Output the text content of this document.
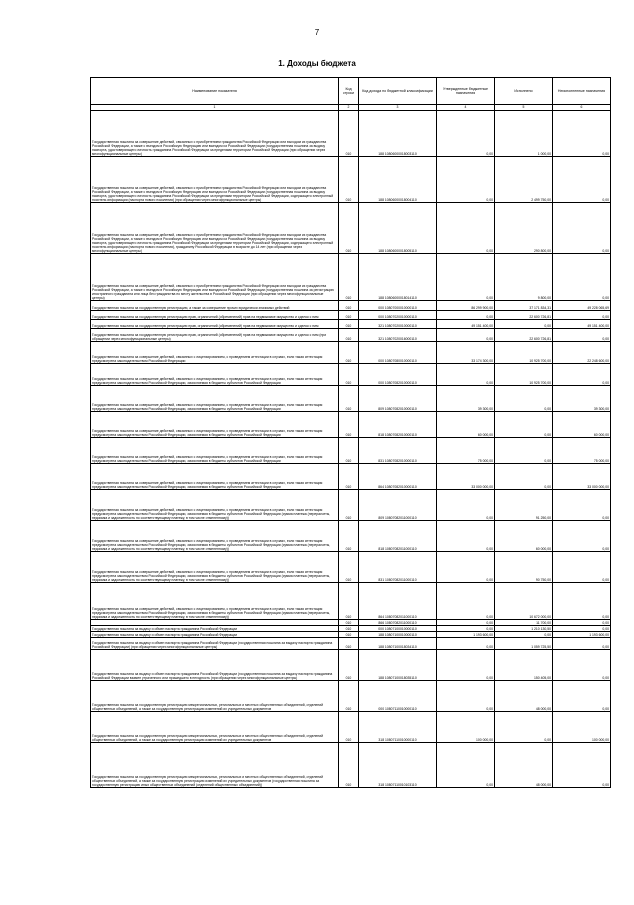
7
1. Доходы бюджета
Наименование показателя	Код строки	Код дохода по бюджетной классификации	Утвержденные бюджетные назначения	Исполнено	Неисполненные назначения
1	2	3	4	5	6
Государственная пошлина за совершение действий, связанных с приобретением гражданства Российской Федерации или выходом из гражданства Российской Федерации, а также с въездом в Российскую Федерацию или выездом из Российской Федерации (государственная пошлина за выдачу паспорта, удостоверяющего личность гражданина Российской Федерации за пределами территории Российской Федерации (при обращении через многофункциональные центры)	010	188 10806000018003110	0,00	1 000,00	0,00
Государственная пошлина за совершение действий, связанных с приобретением гражданства Российской Федерации или выходом из гражданства Российской Федерации, а также с въездом в Российскую Федерацию или выездом из Российской Федерации (государственная пошлина за выдачу паспорта, удостоверяющего личность гражданина Российской Федерации за пределами территории Российской Федерации, содержащего электронный носитель информации (паспорта нового поколения) (при обращении через многофункциональные центры)	010	188 10806000018004110	0,00	2 499 750,00	0,00
Государственная пошлина за совершение действий, связанных с приобретением гражданства Российской Федерации или выходом из гражданства Российской Федерации, а также с въездом в Российскую Федерацию или выездом из Российской Федерации (государственная пошлина за выдачу паспорта, удостоверяющего личность гражданина Российской Федерации за пределами территории Российской Федерации, содержащего электронный носитель информации (паспорта нового поколения), гражданину Российской Федерации в возрасте до 14 лет (при обращении через многофункциональные центры)	010	188 10806000018005110	0,00	290 800,00	0,00
Государственная пошлина за совершение действий, связанных с приобретением гражданства Российской Федерации или выходом из гражданства Российской Федерации, а также с въездом в Российскую Федерацию или выездом из Российской Федерации (государственная пошлина за регистрацию иностранного гражданина или лица без гражданства по месту жительства в Российской Федерации (при обращении через многофункциональные центры)	010	188 10806000018014110	0,00	9 800,00	0,00
Государственная пошлина за государственную регистрацию, а также за совершение прочих юридически значимых действий	010	000 10807000010000110	86 299 900,00	37 171 834,31	49 228 065,69
Государственная пошлина за государственную регистрацию прав, ограничений (обременений) прав на недвижимое имущество и сделок с ним	010	000 10807020010000110	0,00	22 600 726,81	0,00
Государственная пошлина за государственную регистрацию прав, ограничений (обременений) прав на недвижимое имущество и сделок с ним	010	321 10807020010000110	49 151 400,00	0,00	49 151 400,00
Государственная пошлина за государственную регистрацию прав, ограничений (обременений) прав на недвижимое имущество и сделок с ним (при обращении через многофункциональные центры)	010	321 10807020016000110	0,00	22 600 726,81	0,00
Государственная пошлина за совершение действий, связанных с лицензированием, с проведением аттестации в случаях, если такая аттестация предусмотрена законодательством Российской Федерации	010	000 10807080010000110	33 174 300,00	10 925 700,00	22 248 600,00
Государственная пошлина за совершение действий, связанных с лицензированием, с проведением аттестации в случаях, если такая аттестация предусмотрена законодательством Российской Федерации, зачисляемая в бюджеты субъектов Российской Федерации	010	000 10807082010000110	0,00	10 925 700,00	0,00
Государственная пошлина за совершение действий, связанных с лицензированием, с проведением аттестации в случаях, если такая аттестация предусмотрена законодательством Российской Федерации, зачисляемая в бюджеты субъектов Российской Федерации	010	809 10807082010000110	39 300,00	0,00	39 300,00
Государственная пошлина за совершение действий, связанных с лицензированием, с проведением аттестации в случаях, если такая аттестация предусмотрена законодательством Российской Федерации, зачисляемая в бюджеты субъектов Российской Федерации	010	818 10807082010000110	60 000,00	0,00	60 000,00
Государственная пошлина за совершение действий, связанных с лицензированием, с проведением аттестации в случаях, если такая аттестация предусмотрена законодательством Российской Федерации, зачисляемая в бюджеты субъектов Российской Федерации	010	831 10807082010000110	75 000,00	0,00	75 000,00
Государственная пошлина за совершение действий, связанных с лицензированием, с проведением аттестации в случаях, если такая аттестация предусмотрена законодательством Российской Федерации, зачисляемая в бюджеты субъектов Российской Федерации	010	864 10807082010000110	33 000 000,00	0,00	33 000 000,00
Государственная пошлина за совершение действий, связанных с лицензированием, с проведением аттестации в случаях, если такая аттестация предусмотрена законодательством Российской Федерации, зачисляемая в бюджеты субъектов Российской Федерации (сумма платежа (перерасчеты, недоимка и задолженность по соответствующему платежу, в том числе отмененному))	010	809 10807082011000110	0,00	91 250,00	0,00
Государственная пошлина за совершение действий, связанных с лицензированием, с проведением аттестации в случаях, если такая аттестация предусмотрена законодательством Российской Федерации, зачисляемая в бюджеты субъектов Российской Федерации (сумма платежа (перерасчеты, недоимка и задолженность по соответствующему платежу, в том числе отмененному))	010	818 10807082011000110	0,00	60 000,00	0,00
Государственная пошлина за совершение действий, связанных с лицензированием, с проведением аттестации в случаях, если такая аттестация предусмотрена законодательством Российской Федерации, зачисляемая в бюджеты субъектов Российской Федерации (сумма платежа (перерасчеты, недоимка и задолженность по соответствующему платежу, в том числе отмененному))	010	831 10807082011000110	0,00	90 750,00	0,00
Государственная пошлина за совершение действий, связанных с лицензированием, с проведением аттестации в случаях, если такая аттестация предусмотрена законодательством Российской Федерации, зачисляемая в бюджеты субъектов Российской Федерации (сумма платежа (перерасчеты, недоимка и задолженность по соответствующему платежу, в том числе отмененному))	010	864 10807082011000110	0,00	10 672 000,00	0,00
	010	866 10807082011000110	0,00	11 700,00	0,00
Государственная пошлина за выдачу и обмен паспорта гражданина Российской Федерации	010	000 10807100010000110	0,00	1 210 130,50	0,00
Государственная пошлина за выдачу и обмен паспорта гражданина Российской Федерации	010	188 10807100010000110	1 193 600,00	0,00	1 193 600,00
Государственная пошлина за выдачу и обмен паспорта гражданина Российской Федерации (государственная пошлина за выдачу паспорта гражданина Российской Федерации) (при обращении через многофункциональные центры)	010	188 10807100018034110	0,00	1 059 725,50	0,00
Государственная пошлина за выдачу и обмен паспорта гражданина Российской Федерации (государственная пошлина за выдачу паспорта гражданина Российской Федерации взамен утраченного или пришедшего в негодность (при обращении через многофункциональные центры)	010	188 10807100018035110	0,00	150 405,00	0,00
Государственная пошлина за государственную регистрацию межрегиональных, региональных и местных общественных объединений, отделений общественных объединений, а также за государственную регистрацию изменений их учредительных документов	010	000 10807110010000110	0,00	48 000,00	0,00
Государственная пошлина за государственную регистрацию межрегиональных, региональных и местных общественных объединений, отделений общественных объединений, а также за государственную регистрацию изменений их учредительных документов	010	318 10807110010000110	100 000,00	0,00	100 000,00
Государственная пошлина за государственную регистрацию межрегиональных, региональных и местных общественных объединений, отделений общественных объединений, а также за государственную регистрацию изменений их учредительных документов (государственная пошлина за государственную регистрацию иных общественных объединений (отделений общественных объединений))	010	318 10807110010103110	0,00	48 000,00	0,00
